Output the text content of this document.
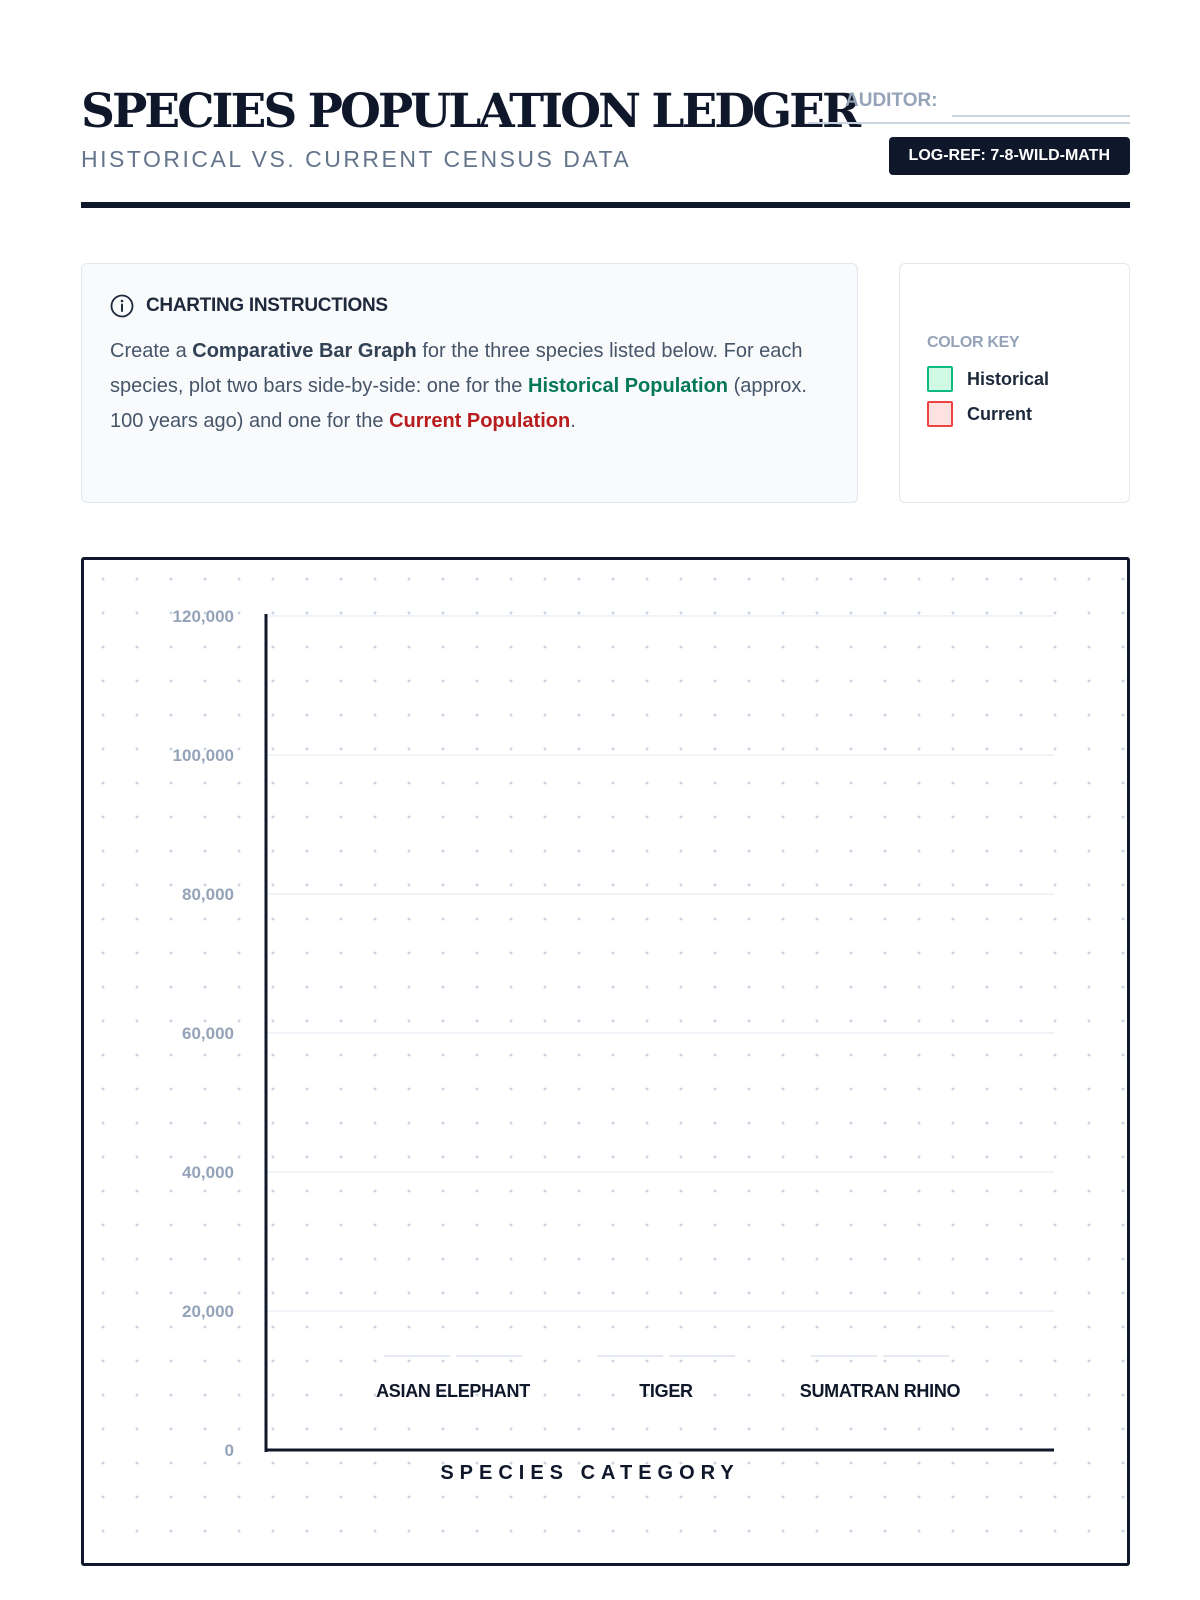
SPECIES POPULATION LEDGER
HISTORICAL VS. CURRENT CENSUS DATA
AUDITOR:
LOG-REF: 7-8-WILD-MATH
CHARTING INSTRUCTIONS

Create a Comparative Bar Graph for the three species listed below. For each species, plot two bars side-by-side: one for the Historical Population (approx. 100 years ago) and one for the Current Population.

COLOR KEY
Historical
Current
0
20,000
40,000
60,000
80,000
100,000
120,000
ASIAN ELEPHANT	TIGER	SUMATRAN RHINO
SPECIES CATEGORY
